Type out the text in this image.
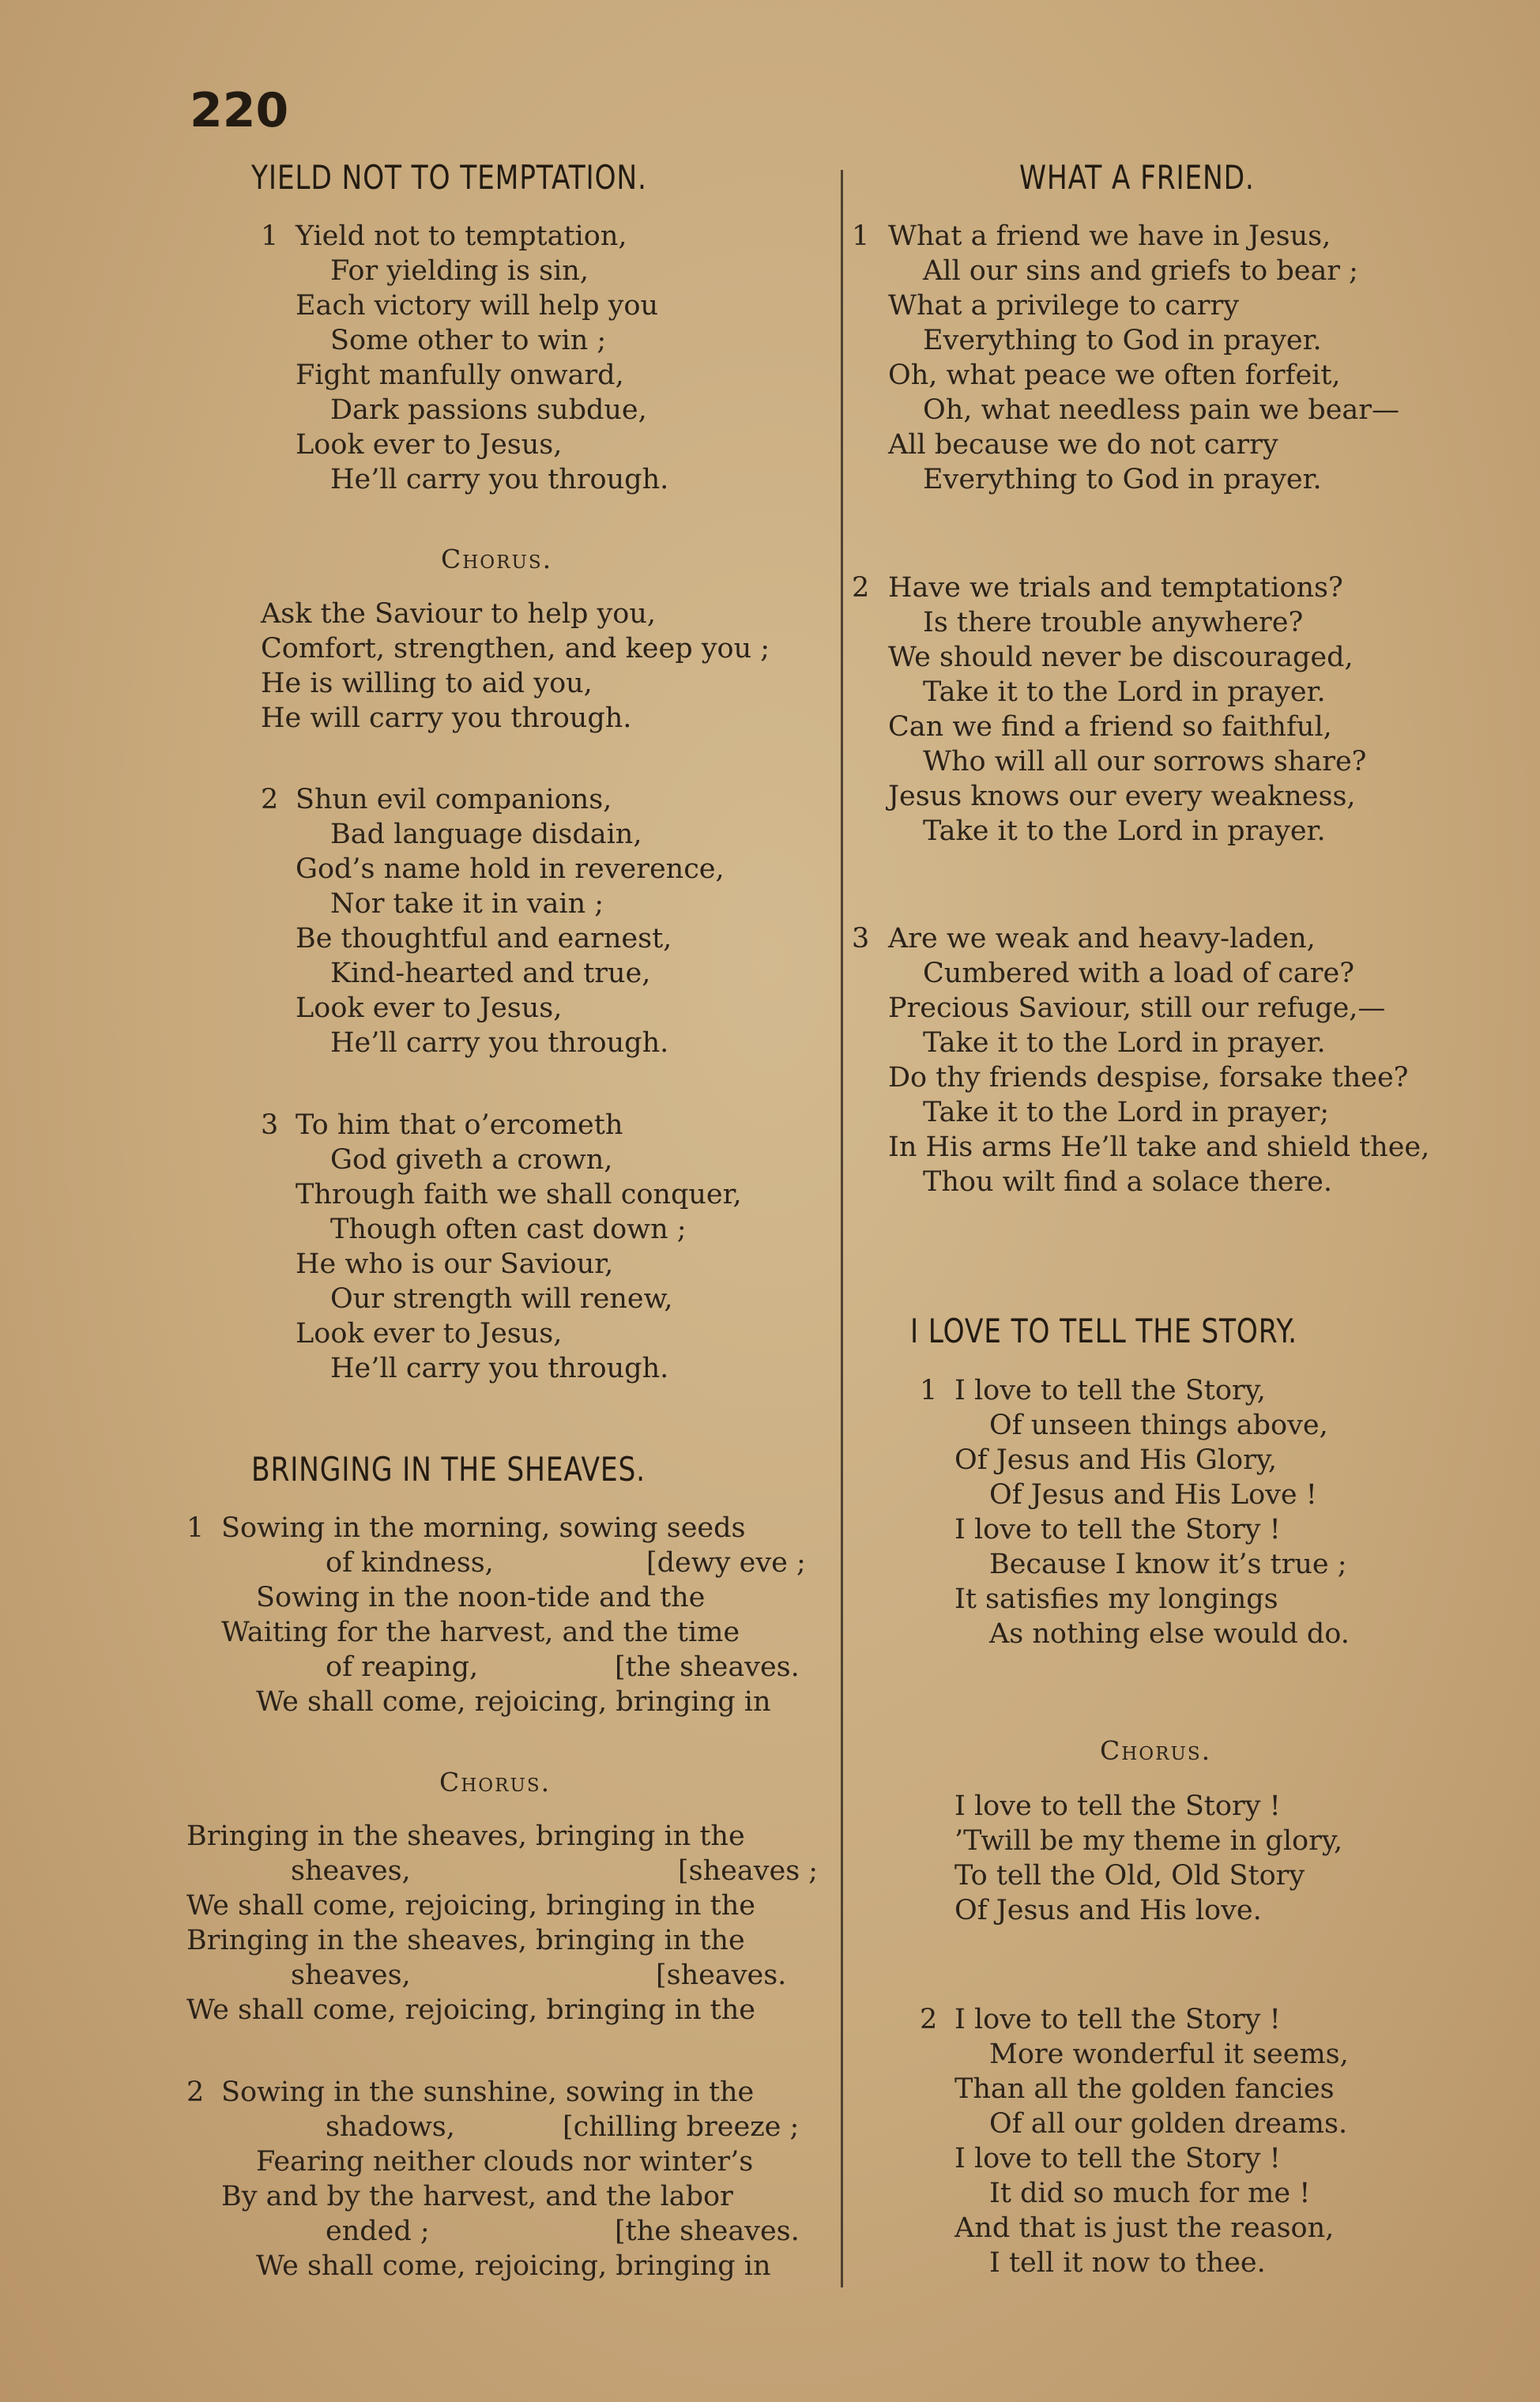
220
YIELD NOT TO TEMPTATION.
1 Yield not to temptation,
For yielding is sin,
Each victory will help you
Some other to win ;
Fight manfully onward,
Dark passions subdue,
Look ever to Jesus,
He’ll carry you through.
Chorus.
Ask the Saviour to help you,
Comfort, strengthen, and keep you ;
He is willing to aid you,
He will carry you through.
2 Shun evil companions,
Bad language disdain,
God’s name hold in reverence,
Nor take it in vain ;
Be thoughtful and earnest,
Kind-hearted and true,
Look ever to Jesus,
He’ll carry you through.
3 To him that o’ercometh
God giveth a crown,
Through faith we shall conquer,
Though often cast down ;
He who is our Saviour,
Our strength will renew,
Look ever to Jesus,
He’ll carry you through.
BRINGING IN THE SHEAVES.
1 Sowing in the morning, sowing seeds
of kindness,	[dewy eve ;
Sowing in the noon-tide and the
Waiting for the harvest, and the time
of reaping,	[the sheaves.
We shall come, rejoicing, bringing in
Chorus.
Bringing in the sheaves, bringing in the
sheaves,	[sheaves ;
We shall come, rejoicing, bringing in the
Bringing in the sheaves, bringing in the
sheaves,	[sheaves.
We shall come, rejoicing, bringing in the
2 Sowing in the sunshine, sowing in the
shadows,	[chilling breeze ;
Fearing neither clouds nor winter’s
By and by the harvest, and the labor
ended ;	[the sheaves.
We shall come, rejoicing, bringing in
WHAT A FRIEND.
1 What a friend we have in Jesus,
All our sins and griefs to bear ;
What a privilege to carry
Everything to God in prayer.
Oh, what peace we often forfeit,
Oh, what needless pain we bear—
All because we do not carry
Everything to God in prayer.
2 Have we trials and temptations?
Is there trouble anywhere?
We should never be discouraged,
Take it to the Lord in prayer.
Can we find a friend so faithful,
Who will all our sorrows share?
Jesus knows our every weakness,
Take it to the Lord in prayer.
3 Are we weak and heavy-laden,
Cumbered with a load of care?
Precious Saviour, still our refuge,—
Take it to the Lord in prayer.
Do thy friends despise, forsake thee?
Take it to the Lord in prayer;
In His arms He’ll take and shield thee,
Thou wilt find a solace there.
I LOVE TO TELL THE STORY.
1 I love to tell the Story,
Of unseen things above,
Of Jesus and His Glory,
Of Jesus and His Love !
I love to tell the Story !
Because I know it’s true ;
It satisfies my longings
As nothing else would do.
Chorus.
I love to tell the Story !
’Twill be my theme in glory,
To tell the Old, Old Story
Of Jesus and His love.
2 I love to tell the Story !
More wonderful it seems,
Than all the golden fancies
Of all our golden dreams.
I love to tell the Story !
It did so much for me !
And that is just the reason,
I tell it now to thee.
